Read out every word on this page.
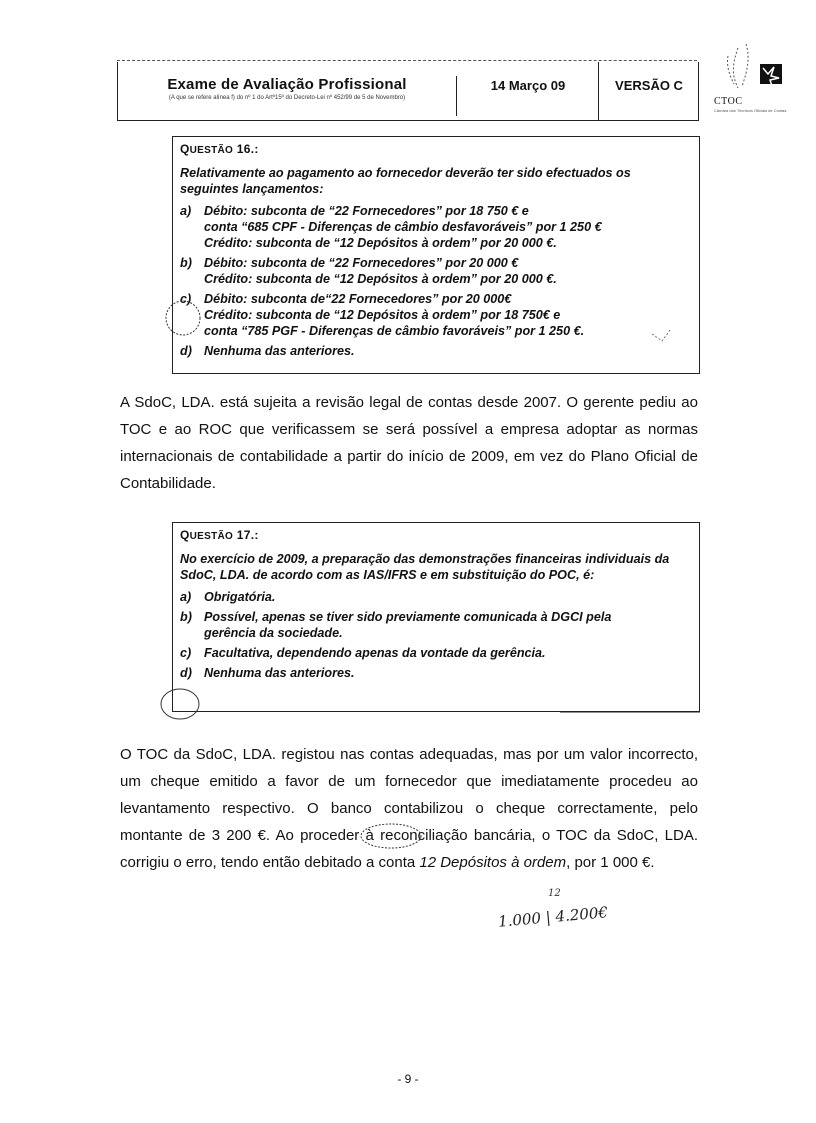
Exame de Avaliação Profissional
(A que se refere alínea f) do nº 1 do Artº15º do Decreto-Lei nº 452/99 de 5 de Novembro)
14 Março 09	VERSÃO C
CTOC
Câmara dos Técnicos Oficiais de Contas
QUESTÃO 16.:
Relativamente ao pagamento ao fornecedor deverão ter sido efectuados os seguintes lançamentos:
a) Débito: subconta de “22 Fornecedores” por 18 750 € e
conta “685 CPF - Diferenças de câmbio desfavoráveis” por 1 250 €
Crédito: subconta de “12 Depósitos à ordem” por 20 000 €.
b) Débito: subconta de “22 Fornecedores” por 20 000 €
Crédito: subconta de “12 Depósitos à ordem” por 20 000 €.
c) Débito: subconta de“22 Fornecedores” por 20 000€
Crédito: subconta de “12 Depósitos à ordem” por 18 750€ e
conta “785 PGF - Diferenças de câmbio favoráveis” por 1 250 €.
d) Nenhuma das anteriores.
A SdoC, LDA. está sujeita a revisão legal de contas desde 2007. O gerente pediu ao TOC e ao ROC que verificassem se será possível a empresa adoptar as normas internacionais de contabilidade a partir do início de 2009, em vez do Plano Oficial de Contabilidade.
QUESTÃO 17.:
No exercício de 2009, a preparação das demonstrações financeiras individuais da SdoC, LDA. de acordo com as IAS/IFRS e em substituição do POC, é:
a) Obrigatória.
b) Possível, apenas se tiver sido previamente comunicada à DGCI pela
gerência da sociedade.
c) Facultativa, dependendo apenas da vontade da gerência.
d) Nenhuma das anteriores.
O TOC da SdoC, LDA. registou nas contas adequadas, mas por um valor incorrecto, um cheque emitido a favor de um fornecedor que imediatamente procedeu ao levantamento respectivo. O banco contabilizou o cheque correctamente, pelo montante de 3 200 €. Ao proceder à reconciliação bancária, o TOC da SdoC, LDA. corrigiu o erro, tendo então debitado a conta 12 Depósitos à ordem, por 1 000 €.
12
1.000 | 4.200€
- 9 -
